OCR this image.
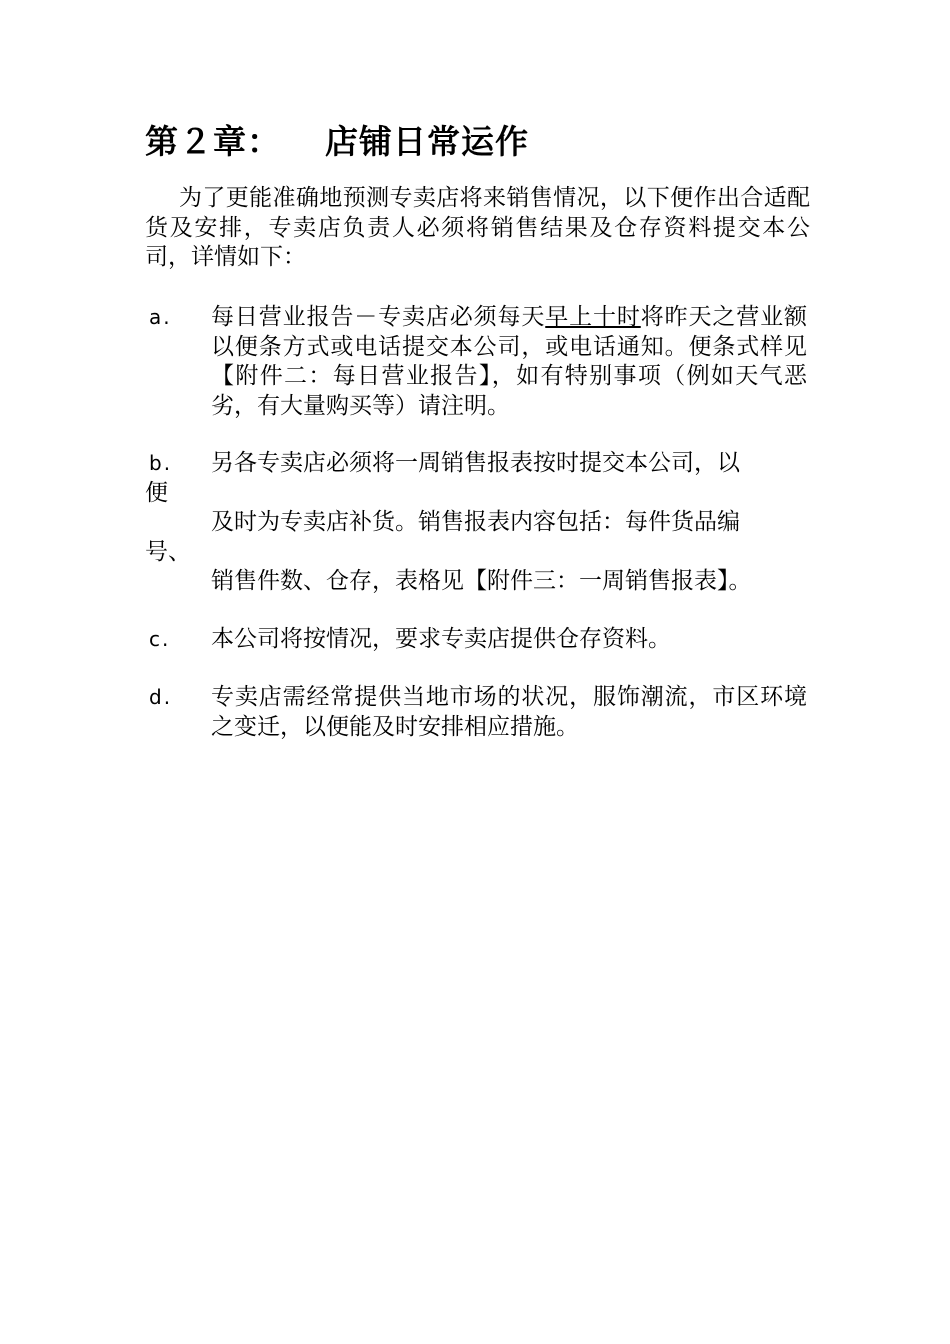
第２章： 店铺日常运作

为了更能准确地预测专卖店将来销售情况，以下便作出合适配货及安排，专卖店负责人必须将销售结果及仓存资料提交本公司，详情如下：

a. 每日营业报告－专卖店必须每天早上十时将昨天之营业额以便条方式或电话提交本公司，或电话通知。便条式样见【附件二：每日营业报告】，如有特别事项（例如天气恶劣，有大量购买等）请注明。
b. 另各专卖店必须将一周销售报表按时提交本公司，以
便
及时为专卖店补货。销售报表内容包括：每件货品编
号、
销售件数、仓存，表格见【附件三：一周销售报表】。
c. 本公司将按情况，要求专卖店提供仓存资料。
d. 专卖店需经常提供当地市场的状况，服饰潮流，市区环境之变迁，以便能及时安排相应措施。
